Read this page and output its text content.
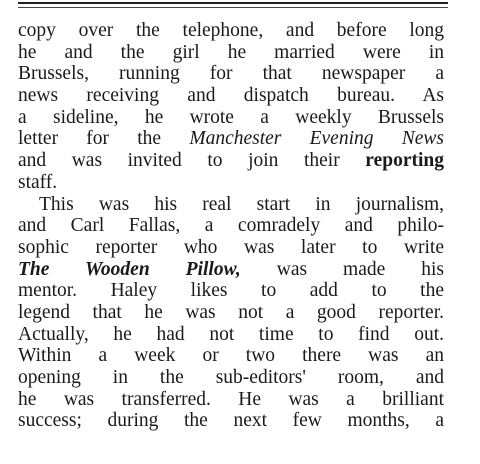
copy over the telephone, and before long
he and the girl he married were in
Brussels, running for that newspaper a
news receiving and dispatch bureau. As
a sideline, he wrote a weekly Brussels
letter for the Manchester Evening News
and was invited to join their reporting
staff.
This was his real start in journalism,
and Carl Fallas, a comradely and philo-
sophic reporter who was later to write
The Wooden Pillow, was made his
mentor. Haley likes to add to the
legend that he was not a good reporter.
Actually, he had not time to find out.
Within a week or two there was an
opening in the sub-editors' room, and
he was transferred. He was a brilliant
success; during the next few months, a
